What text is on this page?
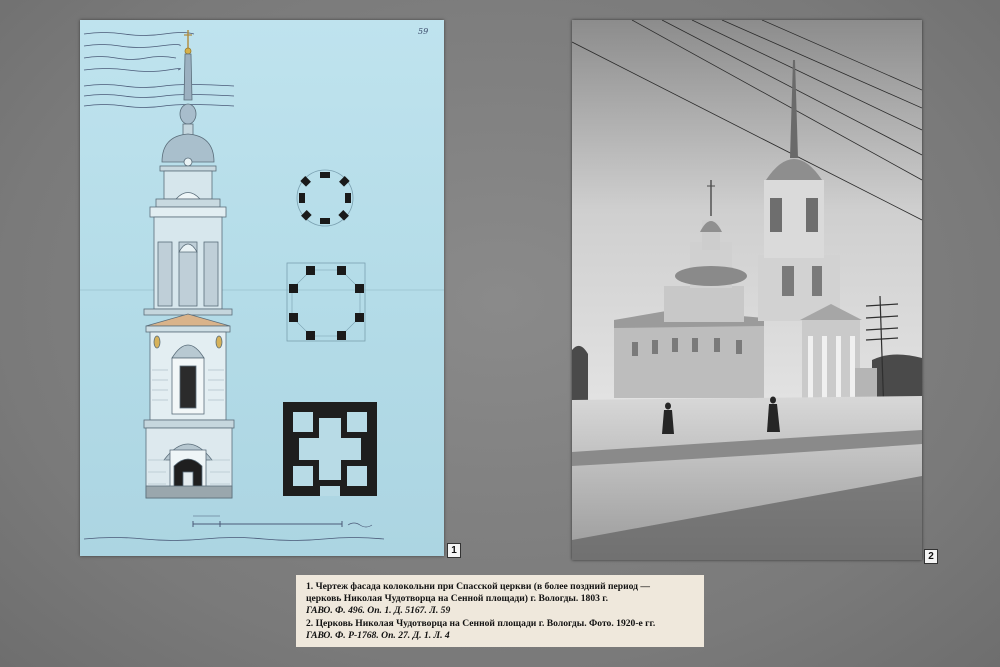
59
1
2
1. Чертеж фасада колокольни при Спасской церкви (в более поздний период —
церковь Николая Чудотворца на Сенной площади) г. Вологды. 1803 г.
ГАВО. Ф. 496. Оп. 1. Д. 5167. Л. 59
2. Церковь Николая Чудотворца на Сенной площади г. Вологды. Фото. 1920-е гг.
ГАВО. Ф. Р-1768. Оп. 27. Д. 1. Л. 4
